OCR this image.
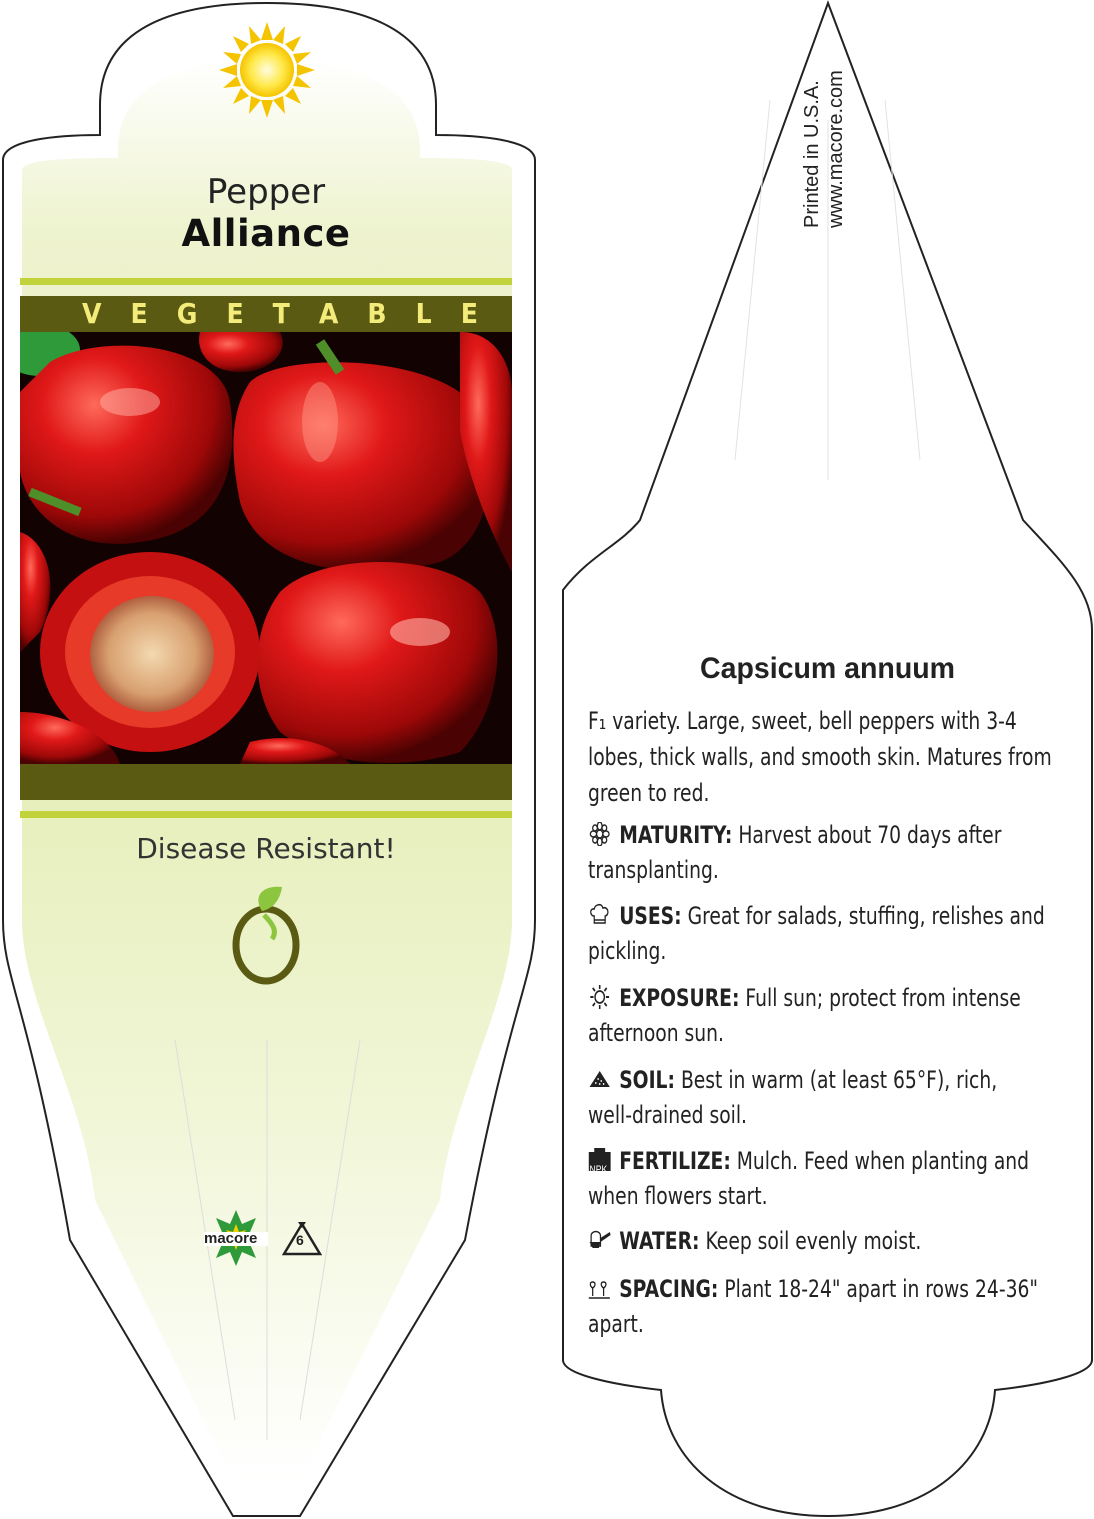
Pepper
Alliance
V E G E T A B L E
Disease Resistant!
macore	6
Printed in U.S.A. www.macore.com
Capsicum annuum
F₁ variety. Large, sweet, bell peppers with 3-4 lobes, thick walls, and smooth skin. Matures from green to red.
MATURITY: Harvest about 70 days after
transplanting.
USES: Great for salads, stuffing, relishes and
pickling.
EXPOSURE: Full sun; protect from intense
afternoon sun.
SOIL: Best in warm (at least 65°F), rich,
well-drained soil.
NPK FERTILIZE: Mulch. Feed when planting and
when flowers start.
WATER: Keep soil evenly moist.
SPACING: Plant 18-24" apart in rows 24-36"
apart.
